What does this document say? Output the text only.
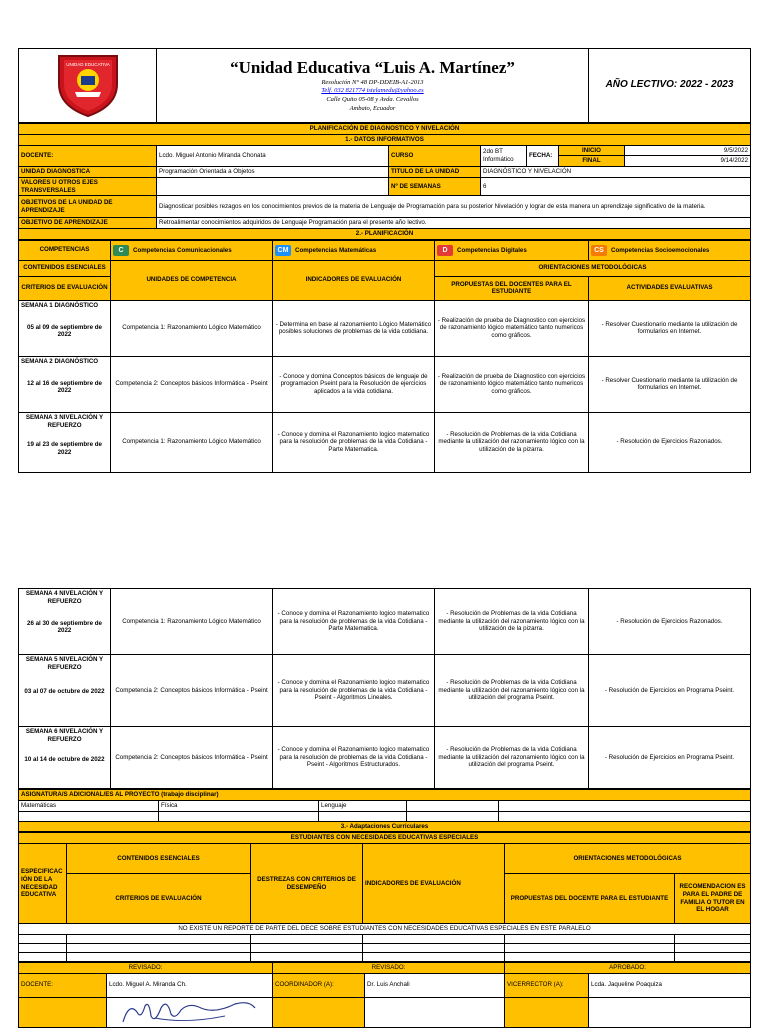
UNIDAD EDUCATIVA	“Unidad Educativa “Luis A. Martínez”
Resolución N° 48 DP-DDEIB-A1-2013
Telf. 032 821774 istelamedu@yahoo.es
Calle Quito 05-08 y Avda. Cevallos
Ambato, Ecuador
	AÑO LECTIVO: 2022 - 2023
PLANIFICACIÓN DE DIAGNOSTICO Y NIVELACIÓN						
1.- DATOS INFORMATIVOS						
DOCENTE:	Lcdo. Miguel Antonio Miranda Chonata	CURSO	2do BT Informático	FECHA:	INICIO	9/5/2022
					FINAL	9/14/2022
UNIDAD DIAGNOSTICA	Programación Orientada a Objetos	TITULO DE LA UNIDAD	DIAGNÓSTICO Y NIVELACIÓN			
VALORES U OTROS EJES TRANSVERSALES		Nº DE SEMANAS	6			
OBJETIVOS DE LA UNIDAD DE APRENDIZAJE	Diagnosticar posibles rezagos en los conocimientos previos de la materia de Lenguaje de Programación para su posterior Nivelación y lograr de esta manera un aprendizaje significativo de la materia.					
OBJETIVO DE APRENDIZAJE	Retroalimentar conocimientos adquiridos de Lenguaje Programación para el presente año lectivo.					
2.- PLANIFICACIÓN						
COMPETENCIAS	C Competencias Comunicacionales	CM Competencias Matemáticas	D Competencias Digitales	CS Competencias Socioemocionales
CONTENIDOS ESENCIALES	UNIDADES DE COMPETENCIA	INDICADORES DE EVALUACIÓN	ORIENTACIONES METODOLÓGICAS	
CRITERIOS DE EVALUACIÓN			PROPUESTAS DEL DOCENTES PARA EL ESTUDIANTE	ACTIVIDADES EVALUATIVAS

SEMANA 1 DIAGNÓSTICO
05 al 09 de septiembre de 2022	Competencia 1: Razonamiento Lógico Matemático	- Determina en base al razonamiento Lógico Matemático posibles soluciones de problemas de la vida cotidiana.	- Realización de prueba de Diagnostico con ejercicios de razonamiento lógico matemático tanto numericos como gráficos.	- Resolver Cuestionario mediante la utilización de formularios en Internet.

SEMANA 2 DIAGNÓSTICO
12 al 16 de septiembre de 2022	Competencia 2: Conceptos básicos Informática - Pseint	- Conoce y domina Conceptos básicos de lenguaje de programacion Pseint para la Resolución de ejercicios aplicados a la vida cotidiana.	- Realización de prueba de Diagnostico con ejercicios de razonamiento lógico matemático tanto numericos como gráficos.	- Resolver Cuestionario mediante la utilización de formularios en Internet.

SEMANA 3 NIVELACIÓN Y REFUERZO
19 al 23 de septiembre de 2022	Competencia 1: Razonamiento Lógico Matemático	- Conoce y domina el Razonamiento logico matematico para la resolución de problemas de la vida Cotidiana - Parte Matematica.	- Resolución de Problemas de la vida Cotidiana mediante la utilización del razonamiento lógico con la utilización de la pizarra.	- Resolución de Ejercicios Razonados.
SEMANA 4 NIVELACIÓN Y REFUERZO
26 al 30 de septiembre de 2022	Competencia 1: Razonamiento Lógico Matemático	- Conoce y domina el Razonamiento logico matematico para la resolución de problemas de la vida Cotidiana - Parte Matematica.	- Resolución de Problemas de la vida Cotidiana mediante la utilización del razonamiento lógico con la utilización de la pizarra.	- Resolución de Ejercicios Razonados.

SEMANA 5 NIVELACIÓN Y REFUERZO
03 al 07 de octubre de 2022	Competencia 2: Conceptos básicos Informática - Pseint	- Conoce y domina el Razonamiento logico matematico para la resolución de problemas de la vida Cotidiana - Pseint - Algoritmos Lineales.	- Resolución de Problemas de la vida Cotidiana mediante la utilización del razonamiento lógico con la utilización del programa Pseint.	- Resolución de Ejercicios en Programa Pseint.

SEMANA 6 NIVELACIÓN Y REFUERZO
10 al 14 de octubre de 2022	Competencia 2: Conceptos básicos Informática - Pseint	- Conoce y domina el Razonamiento logico matematico para la resolución de problemas de la vida Cotidiana - Pseint - Algoritmos Estructurados.	- Resolución de Problemas de la vida Cotidiana mediante la utilización del razonamiento lógico con la utilización del programa Pseint.	- Resolución de Ejercicios en Programa Pseint.
ASIGNATURA/S ADICIONAL/ES AL PROYECTO (trabajo disciplinar)				
Matemáticas	Física	Lenguaje		

3.- Adaptaciones Curriculares				
ESTUDIANTES CON NECESIDADES EDUCATIVAS ESPECIALES					
ESPECIFICAC IÓN DE LA NECESIDAD EDUCATIVA	CONTENIDOS ESENCIALES	DESTREZAS CON CRITERIOS DE DESEMPEÑO	INDICADORES DE EVALUACIÓN	ORIENTACIONES METODOLÓGICAS	
	CRITERIOS DE EVALUACIÓN			PROPUESTAS DEL DOCENTE PARA EL ESTUDIANTE	RECOMENDACION ES PARA EL PADRE DE FAMILIA O TUTOR EN EL HOGAR
NO EXISTE UN REPORTE DE PARTE DEL DECE SOBRE ESTUDIANTES CON NECESIDADES EDUCATIVAS ESPECIALES EN ESTE PARALELO					

REVISADO:		REVISADO:		APROBADO:	
DOCENTE:	Lcdo. Miguel A. Miranda Ch.	COORDINADOR (A):	Dr. Luis Anchali	VICERRECTOR (A):	Lcda. Jaqueline Poaquiza
